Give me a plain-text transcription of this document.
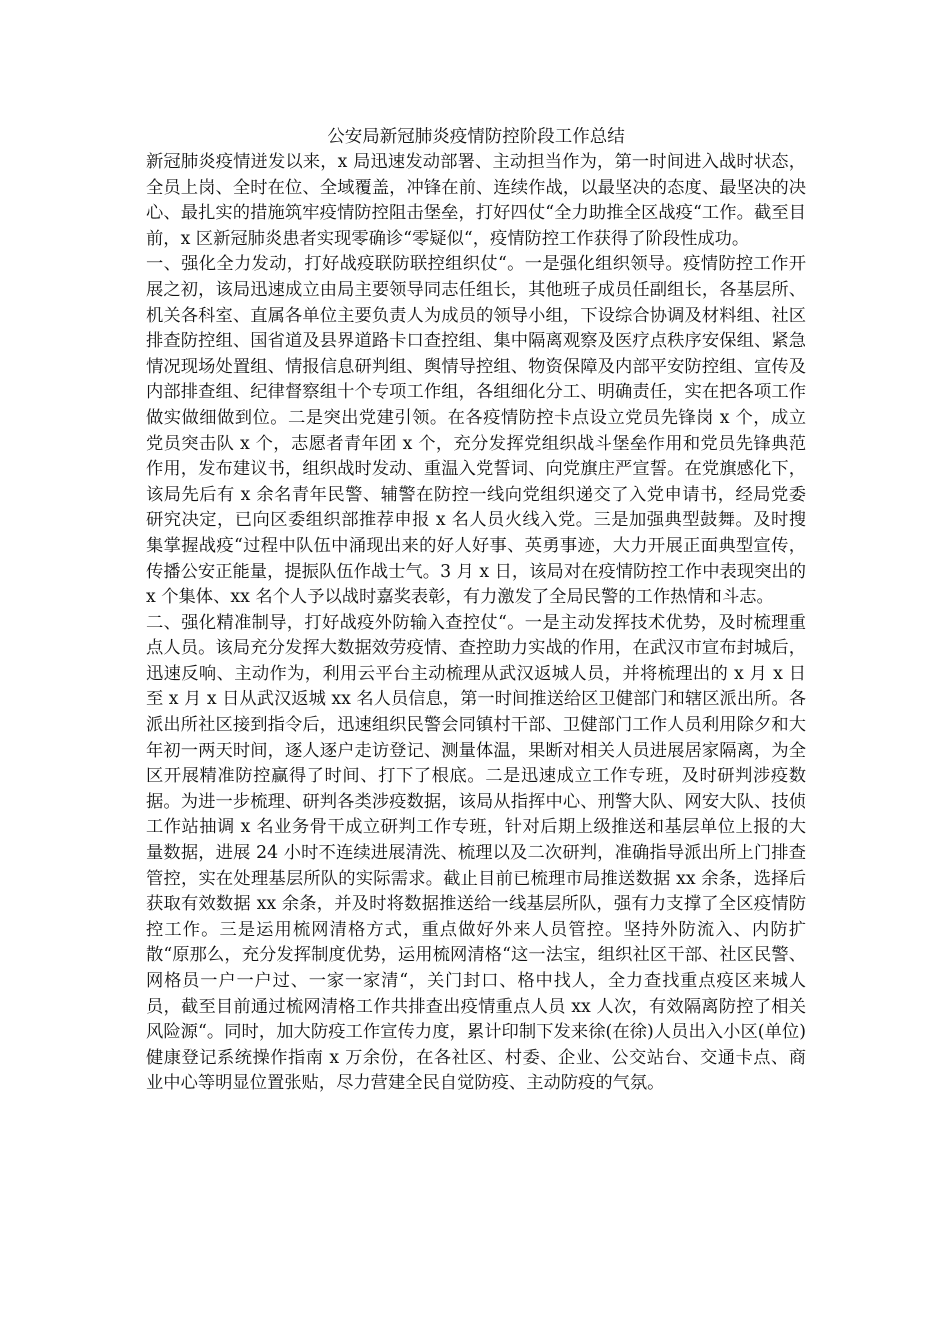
公安局新冠肺炎疫情防控阶段工作总结

新冠肺炎疫情迸发以来，x 局迅速发动部署、主动担当作为，第一时间进入战时状态，全员上岗、全时在位、全域覆盖，冲锋在前、连续作战，以最坚决的态度、最坚决的决心、最扎实的措施筑牢疫情防控阻击堡垒，打好四仗“全力助推全区战疫“工作。截至目前，x 区新冠肺炎患者实现零确诊“零疑似“，疫情防控工作获得了阶段性成功。

一、强化全力发动，打好战疫联防联控组织仗“。一是强化组织领导。疫情防控工作开展之初，该局迅速成立由局主要领导同志任组长，其他班子成员任副组长，各基层所、机关各科室、直属各单位主要负责人为成员的领导小组，下设综合协调及材料组、社区排查防控组、国省道及县界道路卡口查控组、集中隔离观察及医疗点秩序安保组、紧急情况现场处置组、情报信息研判组、舆情导控组、物资保障及内部平安防控组、宣传及内部排查组、纪律督察组十个专项工作组，各组细化分工、明确责任，实在把各项工作做实做细做到位。二是突出党建引领。在各疫情防控卡点设立党员先锋岗 x 个，成立党员突击队 x 个，志愿者青年团 x 个，充分发挥党组织战斗堡垒作用和党员先锋典范作用，发布建议书，组织战时发动、重温入党誓词、向党旗庄严宣誓。在党旗感化下，该局先后有 x 余名青年民警、辅警在防控一线向党组织递交了入党申请书，经局党委研究决定，已向区委组织部推荐申报 x 名人员火线入党。三是加强典型鼓舞。及时搜集掌握战疫“过程中队伍中涌现出来的好人好事、英勇事迹，大力开展正面典型宣传，传播公安正能量，提振队伍作战士气。3 月 x 日，该局对在疫情防控工作中表现突出的 x 个集体、xx 名个人予以战时嘉奖表彰，有力激发了全局民警的工作热情和斗志。

二、强化精准制导，打好战疫外防输入查控仗“。一是主动发挥技术优势，及时梳理重点人员。该局充分发挥大数据效劳疫情、查控助力实战的作用，在武汉市宣布封城后，迅速反响、主动作为，利用云平台主动梳理从武汉返城人员，并将梳理出的 x 月 x 日至 x 月 x 日从武汉返城 xx 名人员信息，第一时间推送给区卫健部门和辖区派出所。各派出所社区接到指令后，迅速组织民警会同镇村干部、卫健部门工作人员利用除夕和大年初一两天时间，逐人逐户走访登记、测量体温，果断对相关人员进展居家隔离，为全区开展精准防控赢得了时间、打下了根底。二是迅速成立工作专班，及时研判涉疫数据。为进一步梳理、研判各类涉疫数据，该局从指挥中心、刑警大队、网安大队、技侦工作站抽调 x 名业务骨干成立研判工作专班，针对后期上级推送和基层单位上报的大量数据，进展 24 小时不连续进展清洗、梳理以及二次研判，准确指导派出所上门排查管控，实在处理基层所队的实际需求。截止目前已梳理市局推送数据 xx 余条，选择后获取有效数据 xx 余条，并及时将数据推送给一线基层所队，强有力支撑了全区疫情防控工作。三是运用梳网清格方式，重点做好外来人员管控。坚持外防流入、内防扩散“原那么，充分发挥制度优势，运用梳网清格“这一法宝，组织社区干部、社区民警、网格员一户一户过、一家一家清“，关门封口、格中找人，全力查找重点疫区来城人员，截至目前通过梳网清格工作共排查出疫情重点人员 xx 人次，有效隔离防控了相关风险源“。同时，加大防疫工作宣传力度，累计印制下发来徐(在徐)人员出入小区(单位)健康登记系统操作指南 x 万余份，在各社区、村委、企业、公交站台、交通卡点、商业中心等明显位置张贴，尽力营建全民自觉防疫、主动防疫的气氛。
